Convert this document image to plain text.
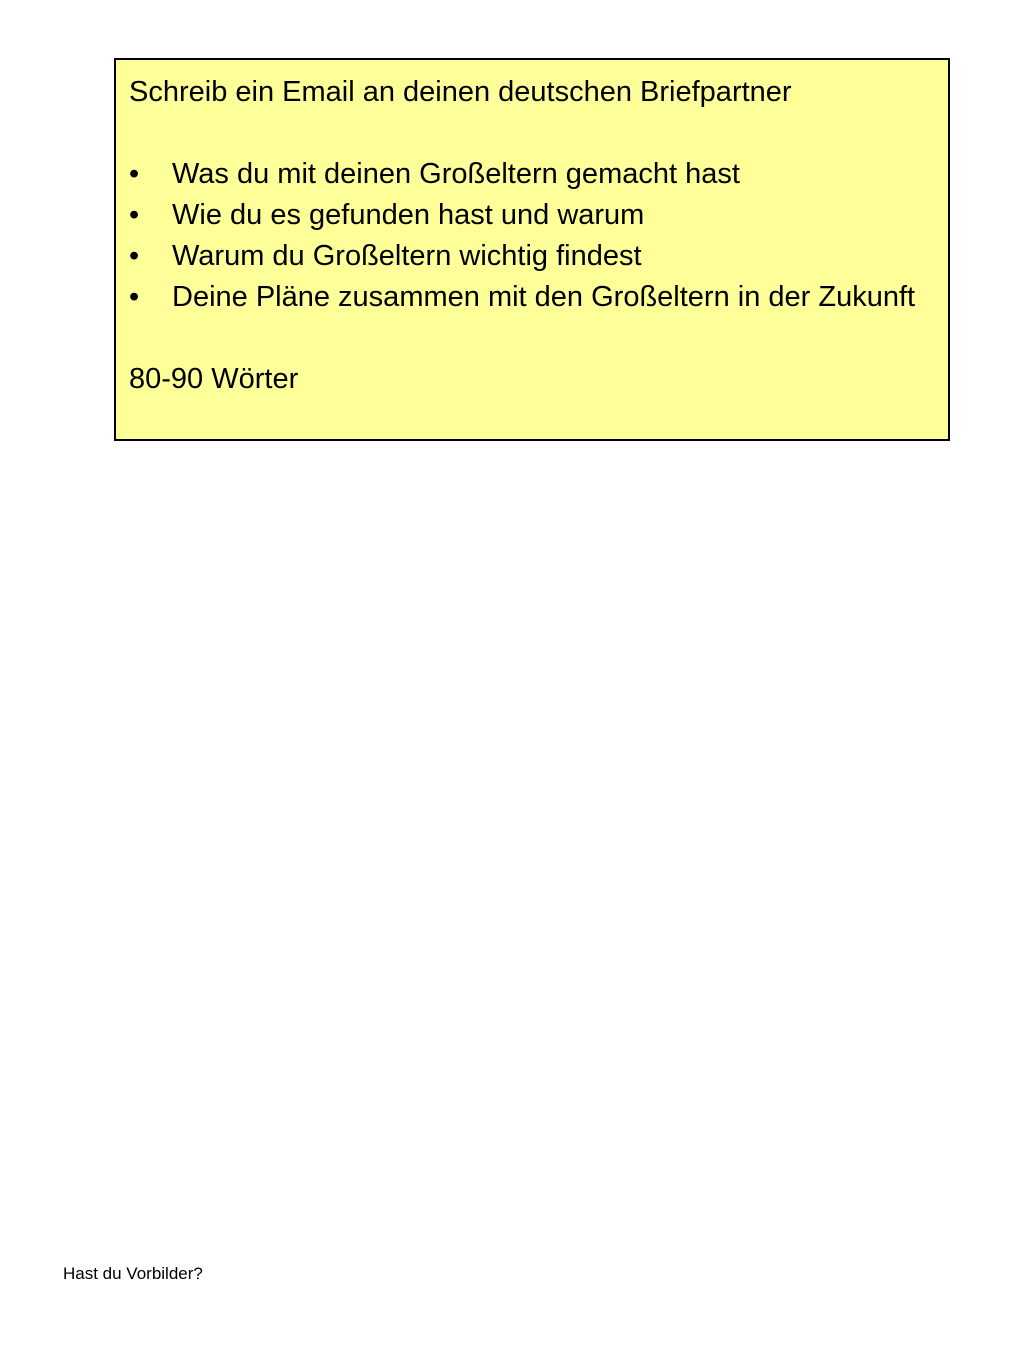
Schreib ein Email an deinen deutschen Briefpartner
• Was du mit deinen Großeltern gemacht hast
• Wie du es gefunden hast und warum
• Warum du Großeltern wichtig findest
• Deine Pläne zusammen mit den Großeltern in der Zukunft

80-90 Wörter

Hast du Vorbilder?
